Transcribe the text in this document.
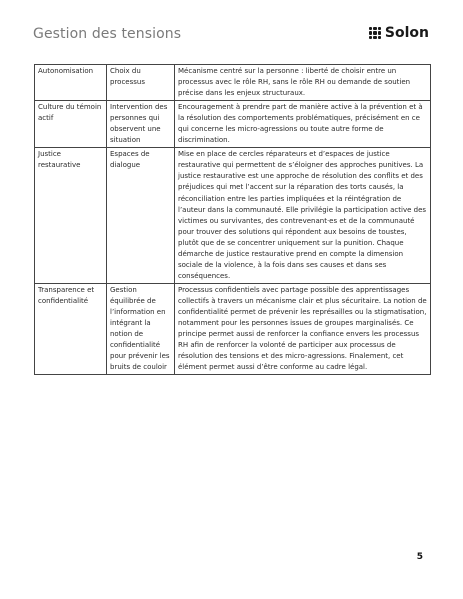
Gestion des tensions	Solon
Autonomisation	Choix du processus	Mécanisme centré sur la personne : liberté de choisir entre un processus avec le rôle RH, sans le rôle RH ou demande de soutien précise dans les enjeux structuraux.
Culture du témoin actif	Intervention des personnes qui observent une situation	Encouragement à prendre part de manière active à la prévention et à la résolution des comportements problématiques, précisément en ce qui concerne les micro-agressions ou toute autre forme de discrimination.
Justice restaurative	Espaces de dialogue	Mise en place de cercles réparateurs et d’espaces de justice restaurative qui permettent de s’éloigner des approches punitives. La justice restaurative est une approche de résolution des conflits et des préjudices qui met l’accent sur la réparation des torts causés, la réconciliation entre les parties impliquées et la réintégration de l’auteur dans la communauté. Elle privilégie la participation active des victimes ou survivantes, des contrevenant·es et de la communauté pour trouver des solutions qui répondent aux besoins de toustes, plutôt que de se concentrer uniquement sur la punition. Chaque démarche de justice restaurative prend en compte la dimension sociale de la violence, à la fois dans ses causes et dans ses conséquences.
Transparence et confidentialité	Gestion équilibrée de l’information en intégrant la notion de confidentialité pour prévenir les bruits de couloir	Processus confidentiels avec partage possible des apprentissages collectifs à travers un mécanisme clair et plus sécuritaire. La notion de confidentialité permet de prévenir les représailles ou la stigmatisation, notamment pour les personnes issues de groupes marginalisés. Ce principe permet aussi de renforcer la confiance envers les processus RH afin de renforcer la volonté de participer aux processus de résolution des tensions et des micro-agressions. Finalement, cet élément permet aussi d’être conforme au cadre légal.
5
